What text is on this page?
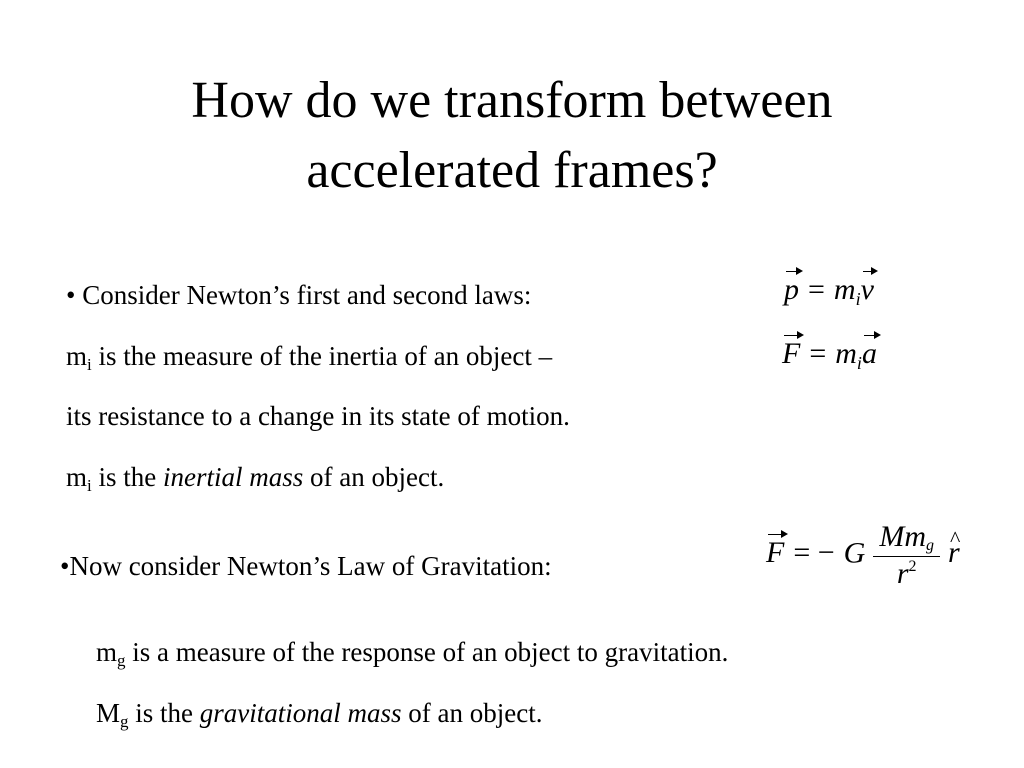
How do we transform between
accelerated frames?
• Consider Newton’s first and second laws:
$m_i$ is the measure of the inertia of an object –
its resistance to a change in its state of motion.
$m_i$ is the inertial mass of an object.
•Now consider Newton’s Law of Gravitation:
$m_g$ is a measure of the response of an object to gravitation.
$M_g$ is the gravitational mass of an object.
$p = m_iv$
$F = m_ia$
F = − G $\frac{Mm_g}{r^2}$
^ r
